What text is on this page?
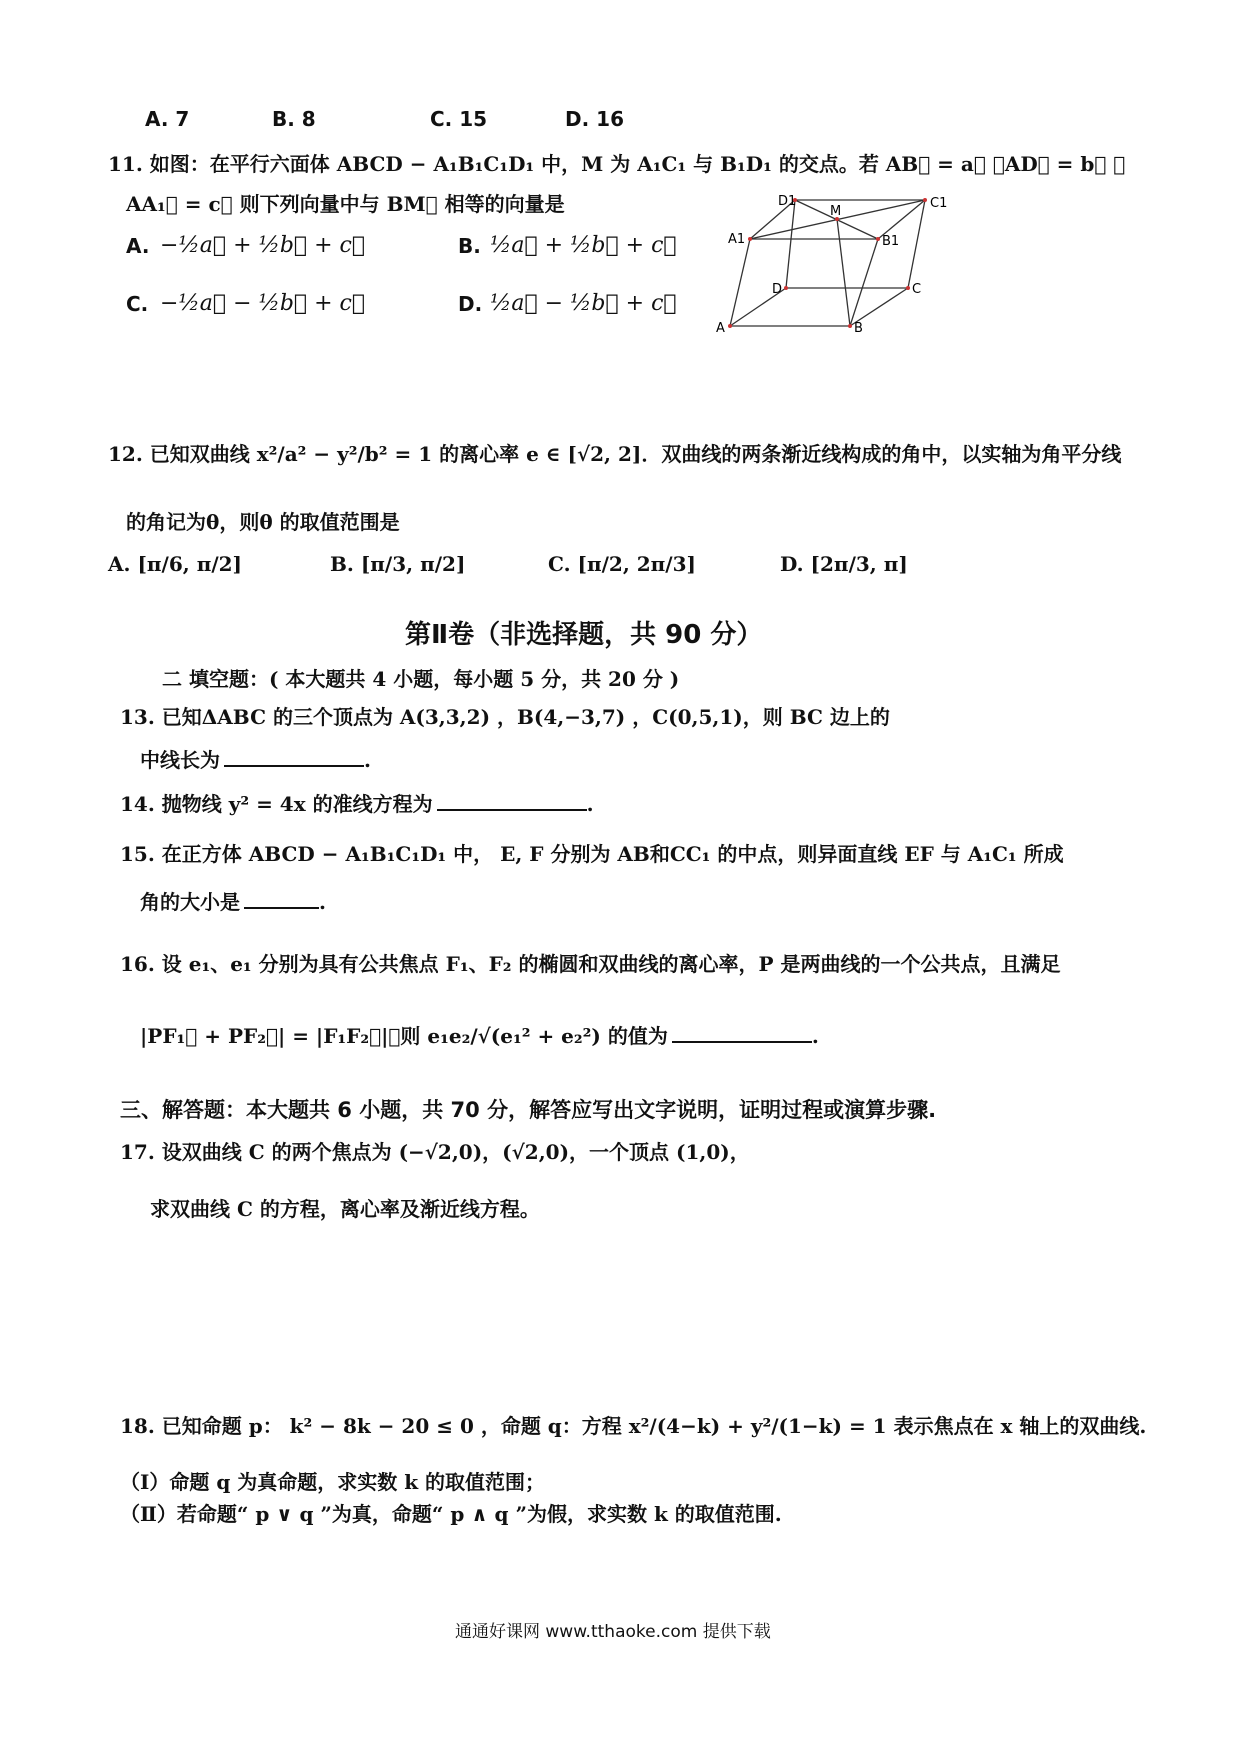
A. 7	B. 8	C. 15	D. 16
11. 如图：在平行六面体 ABCD − A₁B₁C₁D₁ 中，M 为 A₁C₁ 与 B₁D₁ 的交点。若 AB⃗ = a⃗ ，AD⃗ = b⃗ ，
AA₁⃗ = c⃗ 则下列向量中与 BM⃗ 相等的向量是
A. −½a⃗ + ½b⃗ + c⃗	B. ½a⃗ + ½b⃗ + c⃗
C. −½a⃗ − ½b⃗ + c⃗	D. ½a⃗ − ½b⃗ + c⃗
D1
M
C1
A1	B1
D	C
A	B
12. 已知双曲线 x²/a² − y²/b² = 1 的离心率 e ∈ [√2, 2]．双曲线的两条渐近线构成的角中，以实轴为角平分线
的角记为θ，则θ 的取值范围是
A. [π/6, π/2]	B. [π/3, π/2]	C. [π/2, 2π/3]	D. [2π/3, π]
第Ⅱ卷（非选择题，共 90 分）
二 填空题：( 本大题共 4 小题，每小题 5 分，共 20 分 )
13. 已知ΔABC 的三个顶点为 A(3,3,2) ，B(4,−3,7) ，C(0,5,1)，则 BC 边上的
中线长为	.
14. 抛物线 y² = 4x 的准线方程为	.
15. 在正方体 ABCD − A₁B₁C₁D₁ 中， E, F 分别为 AB和CC₁ 的中点，则异面直线 EF 与 A₁C₁ 所成
角的大小是	.
16. 设 e₁、e₁ 分别为具有公共焦点 F₁、F₂ 的椭圆和双曲线的离心率，P 是两曲线的一个公共点，且满足
|PF₁⃗ + PF₂⃗| = |F₁F₂⃗|，则 e₁e₂/√(e₁² + e₂²) 的值为	.
三、解答题：本大题共 6 小题，共 70 分，解答应写出文字说明，证明过程或演算步骤.
17. 设双曲线 C 的两个焦点为 (−√2,0)，(√2,0)，一个顶点 (1,0)，
求双曲线 C 的方程，离心率及渐近线方程。
18. 已知命题 p： k² − 8k − 20 ≤ 0 ，命题 q：方程 x²/(4−k) + y²/(1−k) = 1 表示焦点在 x 轴上的双曲线.
（Ⅰ）命题 q 为真命题，求实数 k 的取值范围；
（Ⅱ）若命题“ p ∨ q ”为真，命题“ p ∧ q ”为假，求实数 k 的取值范围.
通通好课网 www.tthaoke.com 提供下载
